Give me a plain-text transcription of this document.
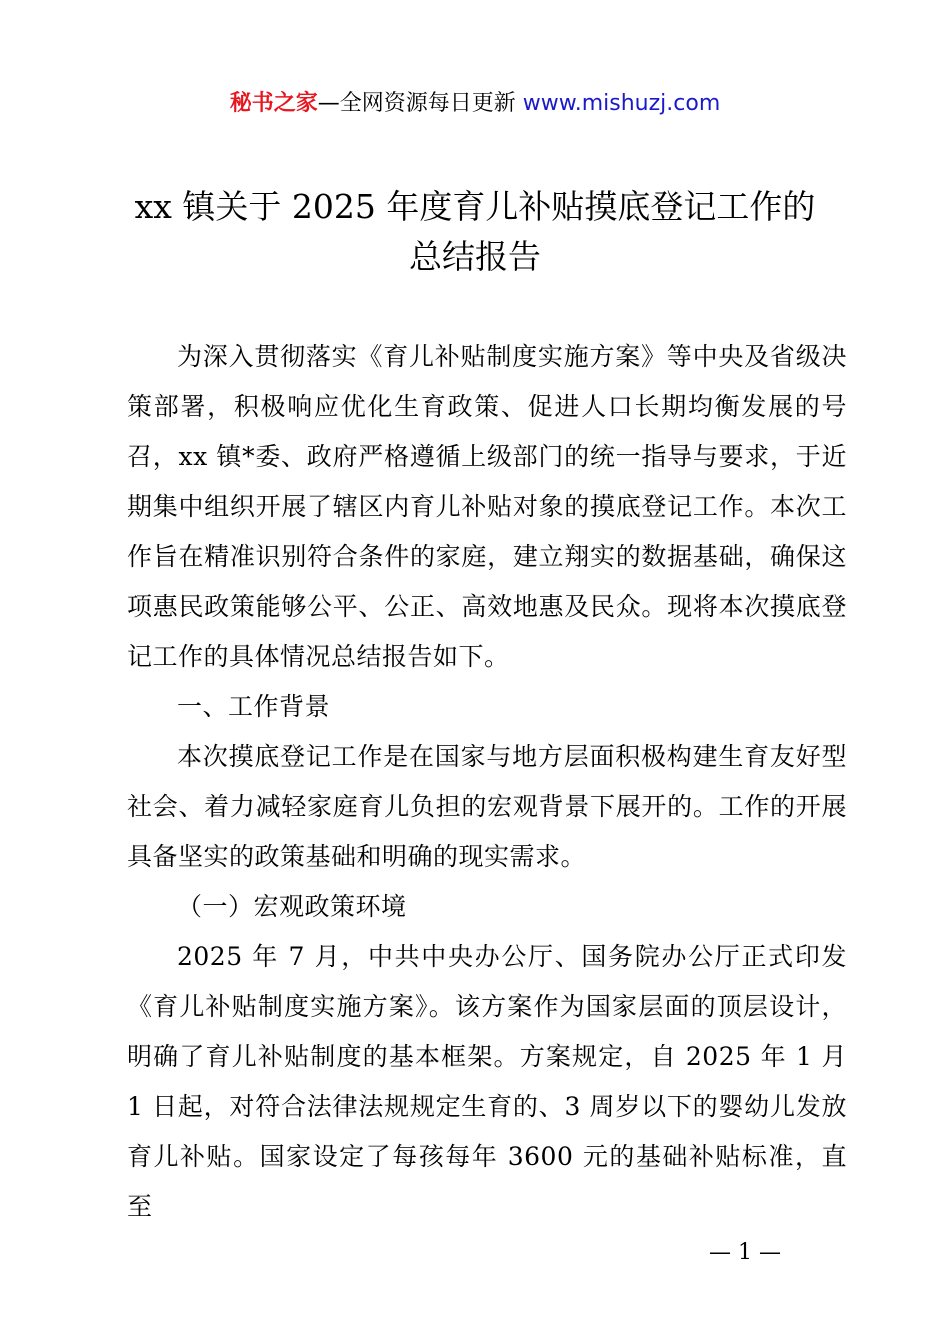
秘书之家—全网资源每日更新 www.mishuzj.com
xx 镇关于 2025 年度育儿补贴摸底登记工作的
总结报告

为深入贯彻落实《育儿补贴制度实施方案》等中央及省级决策部署，积极响应优化生育政策、促进人口长期均衡发展的号召，xx 镇*委、政府严格遵循上级部门的统一指导与要求，于近期集中组织开展了辖区内育儿补贴对象的摸底登记工作。本次工作旨在精准识别符合条件的家庭，建立翔实的数据基础，确保这项惠民政策能够公平、公正、高效地惠及民众。现将本次摸底登记工作的具体情况总结报告如下。

一、工作背景

本次摸底登记工作是在国家与地方层面积极构建生育友好型社会、着力减轻家庭育儿负担的宏观背景下展开的。工作的开展具备坚实的政策基础和明确的现实需求。

（一）宏观政策环境

2025 年 7 月，中共中央办公厅、国务院办公厅正式印发《育儿补贴制度实施方案》。该方案作为国家层面的顶层设计，明确了育儿补贴制度的基本框架。方案规定，自 2025 年 1 月 1 日起，对符合法律法规规定生育的、3 周岁以下的婴幼儿发放育儿补贴。国家设定了每孩每年 3600 元的基础补贴标准，直至

— 1 —
